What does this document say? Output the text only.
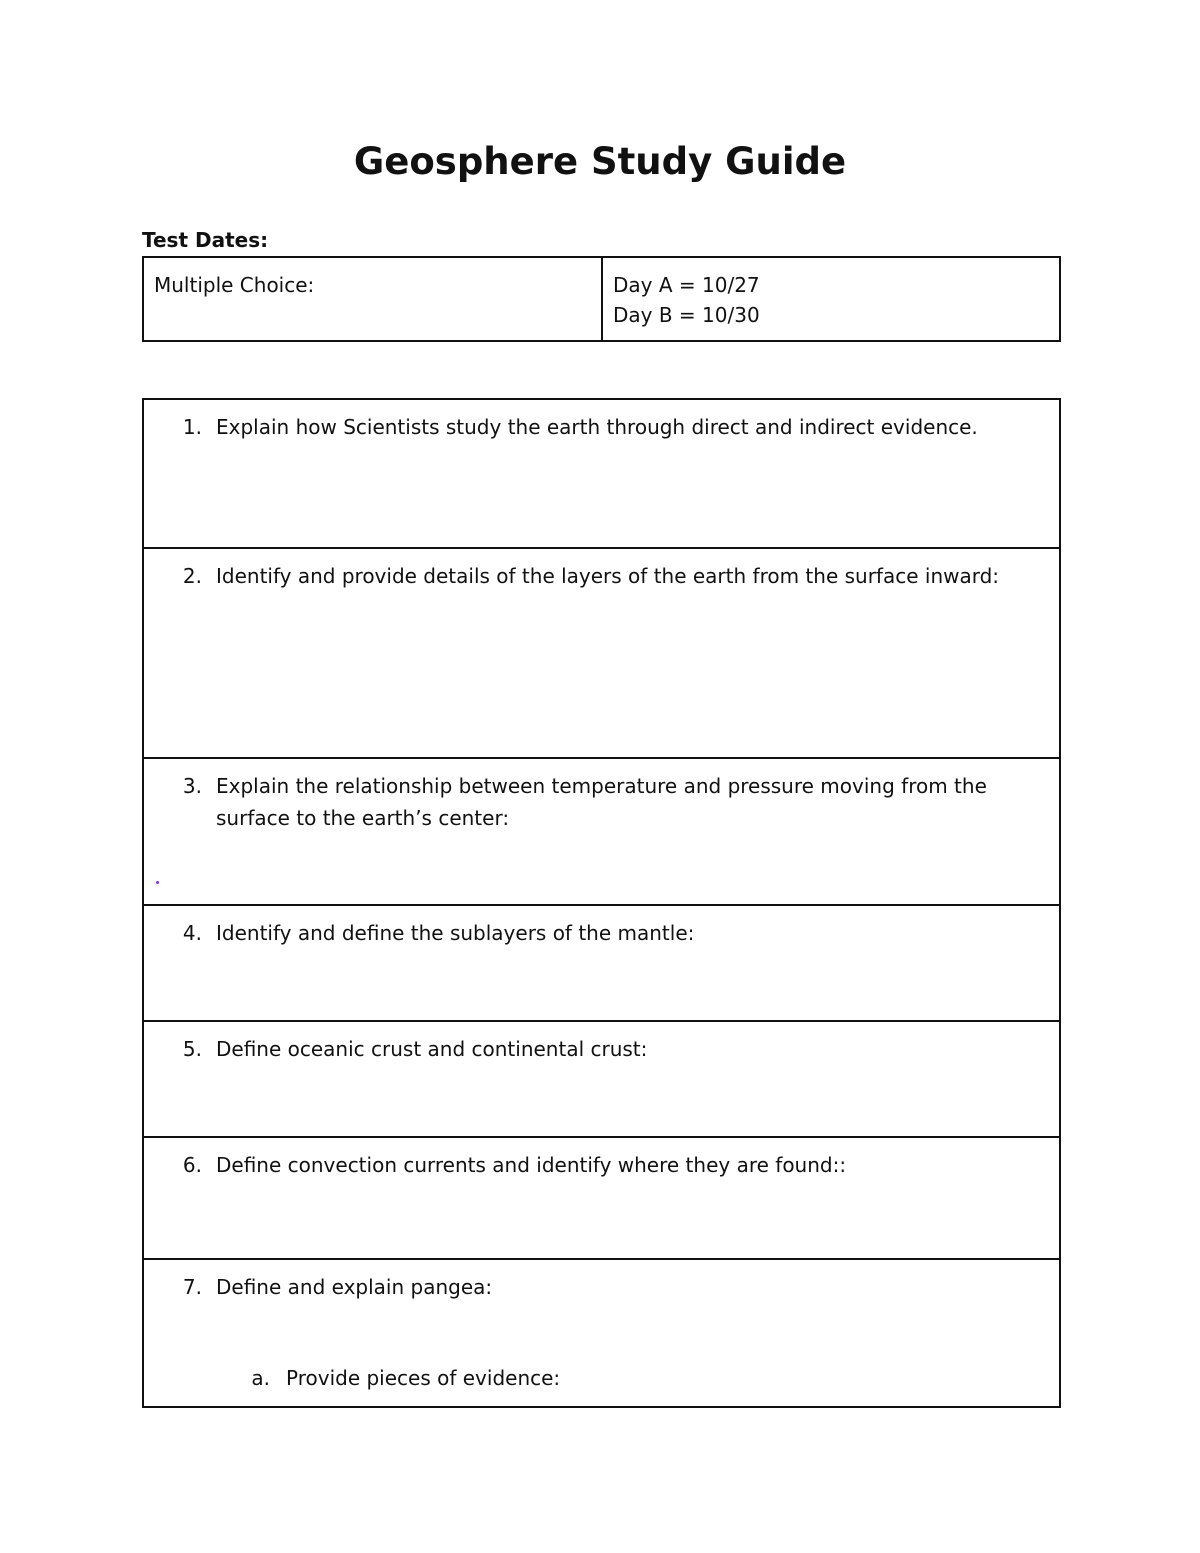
Geosphere Study Guide
Test Dates:
Multiple Choice:	Day A = 10/27
Day B = 10/30
1. Explain how Scientists study the earth through direct and indirect evidence.
2. Identify and provide details of the layers of the earth from the surface inward:
3. Explain the relationship between temperature and pressure moving from the surface to the earth’s center:
4. Identify and define the sublayers of the mantle:
5. Define oceanic crust and continental crust:
6. Define convection currents and identify where they are found::
7. Define and explain pangea:
a. Provide pieces of evidence:
